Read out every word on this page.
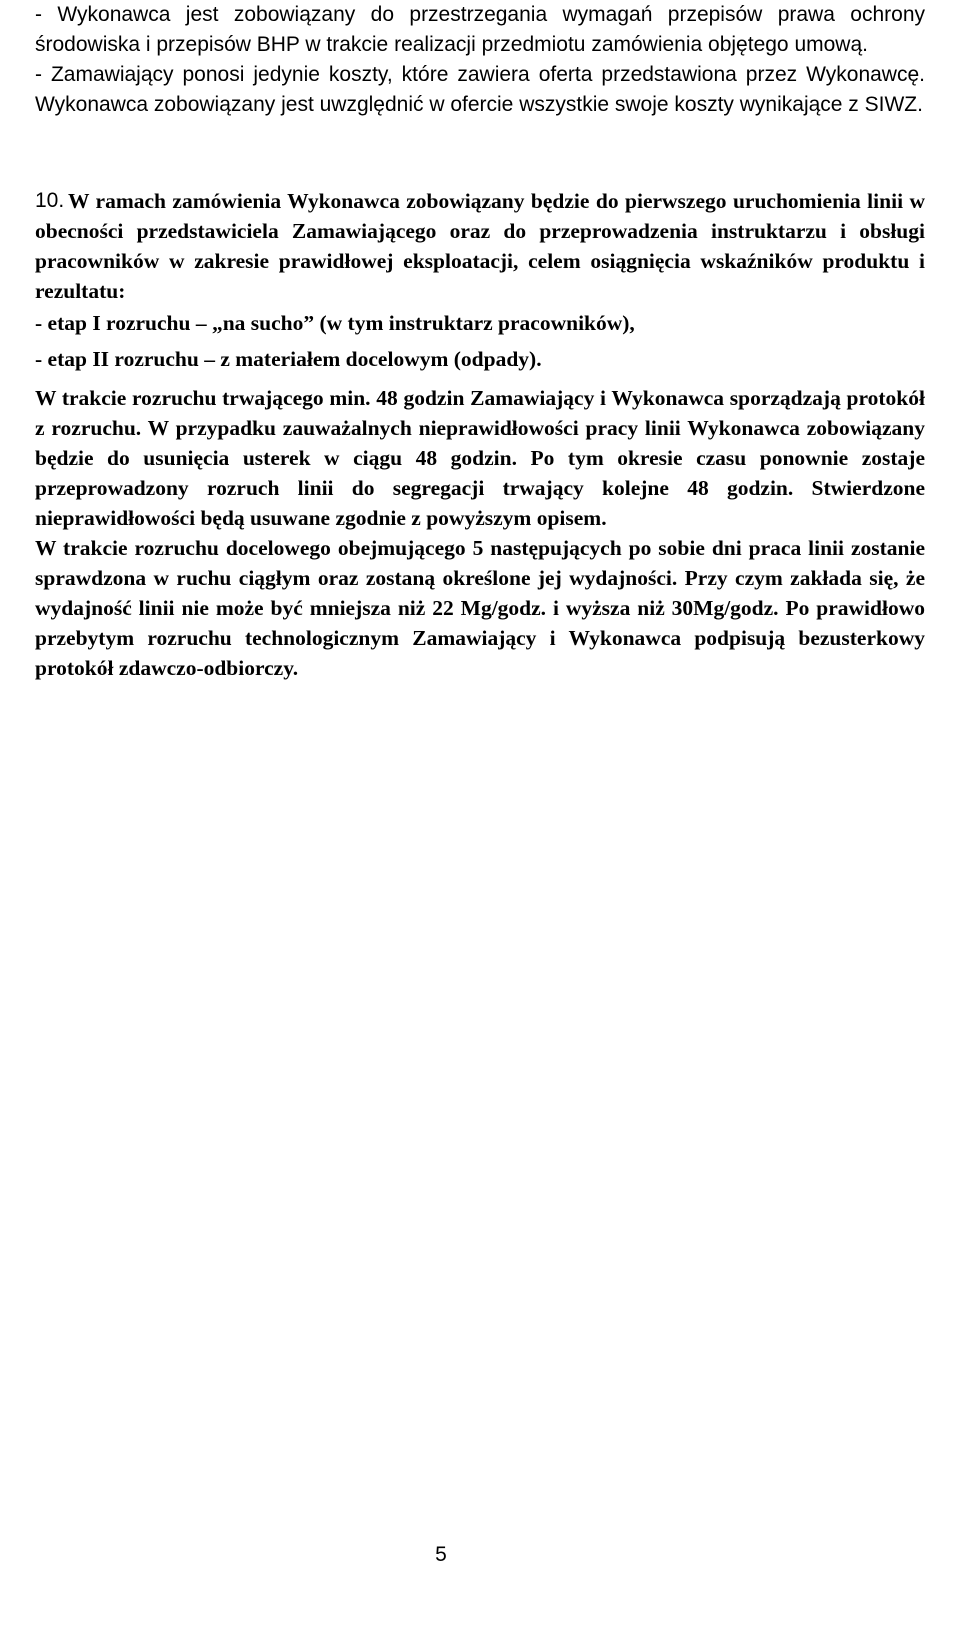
- Wykonawca jest zobowiązany do przestrzegania wymagań przepisów prawa ochrony środowiska i przepisów BHP w trakcie realizacji przedmiotu zamówienia objętego umową.

- Zamawiający ponosi jedynie koszty, które zawiera oferta przedstawiona przez Wykonawcę. Wykonawca zobowiązany jest uwzględnić w ofercie wszystkie swoje koszty wynikające z SIWZ.

10. W ramach zamówienia Wykonawca zobowiązany będzie do pierwszego uruchomienia linii w obecności przedstawiciela Zamawiającego oraz do przeprowadzenia instruktarzu i obsługi pracowników w zakresie prawidłowej eksploatacji, celem osiągnięcia wskaźników produktu i rezultatu:

- etap I rozruchu – „na sucho” (w tym instruktarz pracowników),

- etap II rozruchu – z materiałem docelowym (odpady).

W trakcie rozruchu trwającego min. 48 godzin Zamawiający i Wykonawca sporządzają protokół z rozruchu. W przypadku zauważalnych nieprawidłowości pracy linii Wykonawca zobowiązany będzie do usunięcia usterek w ciągu 48 godzin. Po tym okresie czasu ponownie zostaje przeprowadzony rozruch linii do segregacji trwający kolejne 48 godzin. Stwierdzone nieprawidłowości będą usuwane zgodnie z powyższym opisem.

W trakcie rozruchu docelowego obejmującego 5 następujących po sobie dni praca linii zostanie sprawdzona w ruchu ciągłym oraz zostaną określone jej wydajności. Przy czym zakłada się, że wydajność linii nie może być mniejsza niż 22 Mg/godz. i wyższa niż 30Mg/godz. Po prawidłowo przebytym rozruchu technologicznym Zamawiający i Wykonawca podpisują bezusterkowy protokół zdawczo-odbiorczy.

5
